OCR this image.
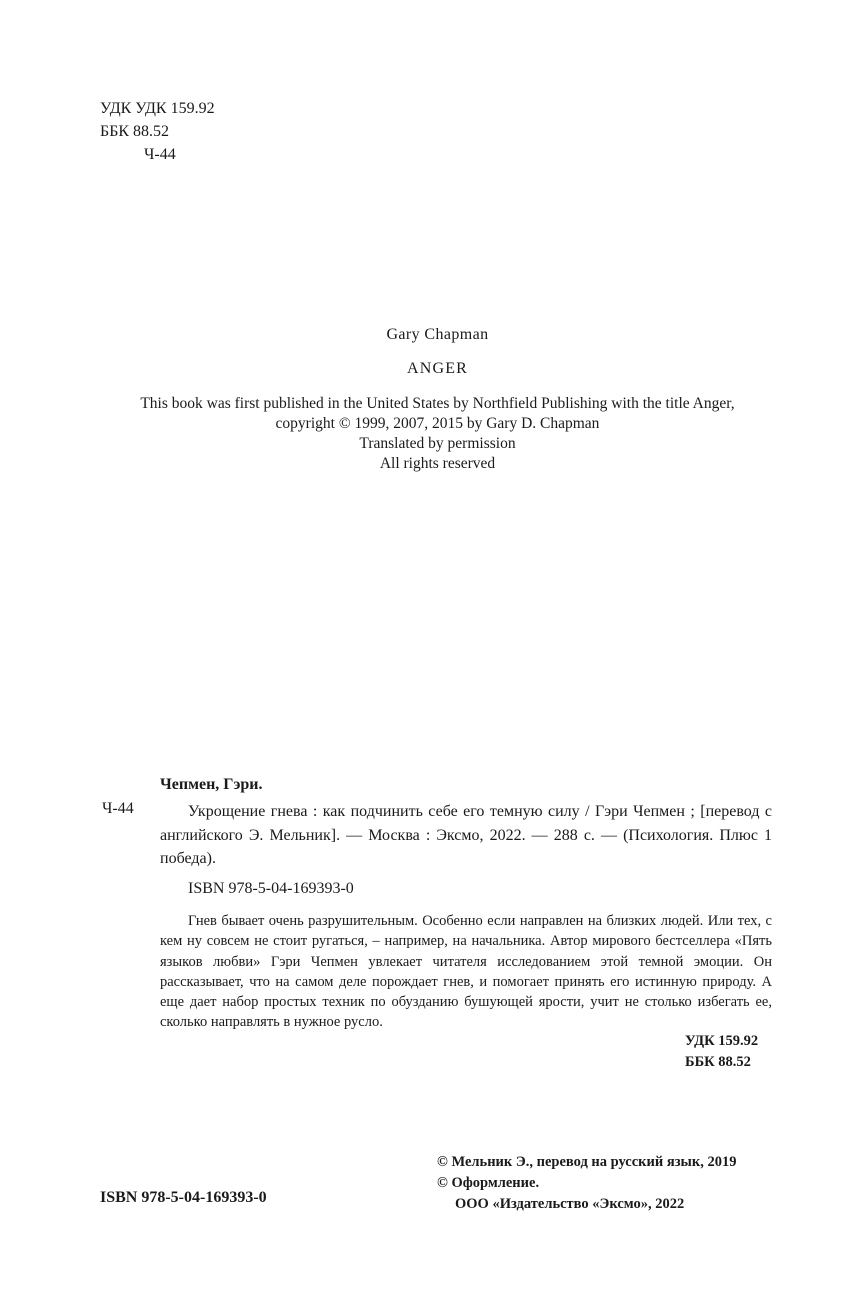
УДК УДК 159.92
ББК 88.52
Ч-44
Gary Chapman
ANGER
This book was first published in the United States by Northfield Publishing with the title Anger,
copyright © 1999, 2007, 2015 by Gary D. Chapman
Translated by permission
All rights reserved
Чепмен, Гэри.
Ч-44	Укрощение гнева : как подчинить себе его темную силу / Гэри Чепмен ; [перевод с английского Э. Мельник]. — Москва : Эксмо, 2022. — 288 с. — (Психология. Плюс 1 победа).
ISBN 978-5-04-169393-0
Гнев бывает очень разрушительным. Особенно если направлен на близких людей. Или тех, с кем ну совсем не стоит ругаться, – например, на начальника. Автор мирового бестселлера «Пять языков любви» Гэри Чепмен увлекает читателя исследованием этой темной эмоции. Он рассказывает, что на самом деле порождает гнев, и помогает принять его истинную природу. А еще дает набор простых техник по обузданию бушующей ярости, учит не столько избегать ее, сколько направлять в нужное русло.
УДК 159.92
ББК 88.52
ISBN 978-5-04-169393-0
© Мельник Э., перевод на русский язык, 2019
© Оформление.
ООО «Издательство «Эксмо», 2022
